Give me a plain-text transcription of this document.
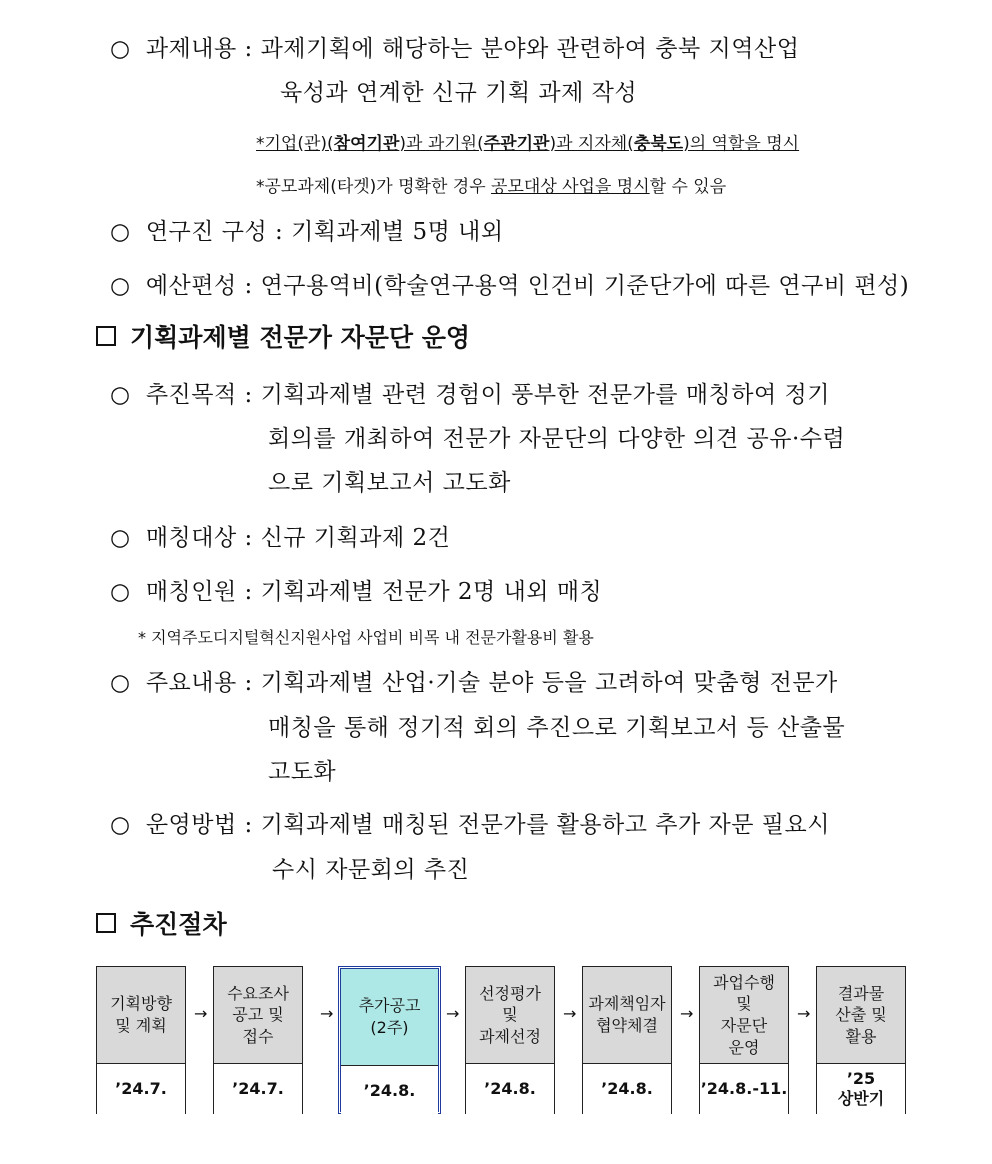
○ 과제내용 : 과제기획에 해당하는 분야와 관련하여 충북 지역산업
육성과 연계한 신규 기획 과제 작성
*기업(관)(참여기관)과 과기원(주관기관)과 지자체(충북도)의 역할을 명시
*공모과제(타겟)가 명확한 경우 공모대상 사업을 명시할 수 있음
○ 연구진 구성 : 기획과제별 5명 내외
○ 예산편성 : 연구용역비(학술연구용역 인건비 기준단가에 따른 연구비 편성)
기획과제별 전문가 자문단 운영
○ 추진목적 : 기획과제별 관련 경험이 풍부한 전문가를 매칭하여 정기
회의를 개최하여 전문가 자문단의 다양한 의견 공유·수렴
으로 기획보고서 고도화
○ 매칭대상 : 신규 기획과제 2건
○ 매칭인원 : 기획과제별 전문가 2명 내외 매칭
* 지역주도디지털혁신지원사업 사업비 비목 내 전문가활용비 활용
○ 주요내용 : 기획과제별 산업·기술 분야 등을 고려하여 맞춤형 전문가
매칭을 통해 정기적 회의 추진으로 기획보고서 등 산출물
고도화
○ 운영방법 : 기획과제별 매칭된 전문가를 활용하고 추가 자문 필요시
수시 자문회의 추진
추진절차
기획방향
및 계획
’24.7.
→
수요조사
공고 및
접수
’24.7.
→	추가공고
(2주)
’24.8.
→
선정평가
및
과제선정
’24.8.
→
과제책임자
협약체결
’24.8.
→
과업수행
및
자문단
운영
’24.8.-11.
→
결과물
산출 및
활용
’25
상반기
